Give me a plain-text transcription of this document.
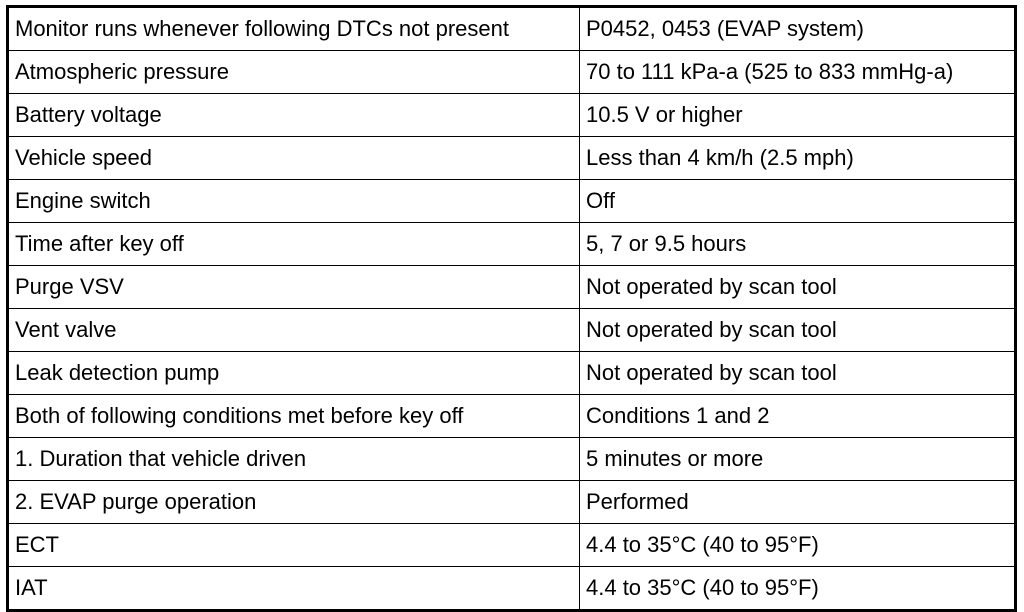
Monitor runs whenever following DTCs not present	P0452, 0453 (EVAP system)
Atmospheric pressure	70 to 111 kPa-a (525 to 833 mmHg-a)
Battery voltage	10.5 V or higher
Vehicle speed	Less than 4 km/h (2.5 mph)
Engine switch	Off
Time after key off	5, 7 or 9.5 hours
Purge VSV	Not operated by scan tool
Vent valve	Not operated by scan tool
Leak detection pump	Not operated by scan tool
Both of following conditions met before key off	Conditions 1 and 2
1. Duration that vehicle driven	5 minutes or more
2. EVAP purge operation	Performed
ECT	4.4 to 35°C (40 to 95°F)
IAT	4.4 to 35°C (40 to 95°F)
